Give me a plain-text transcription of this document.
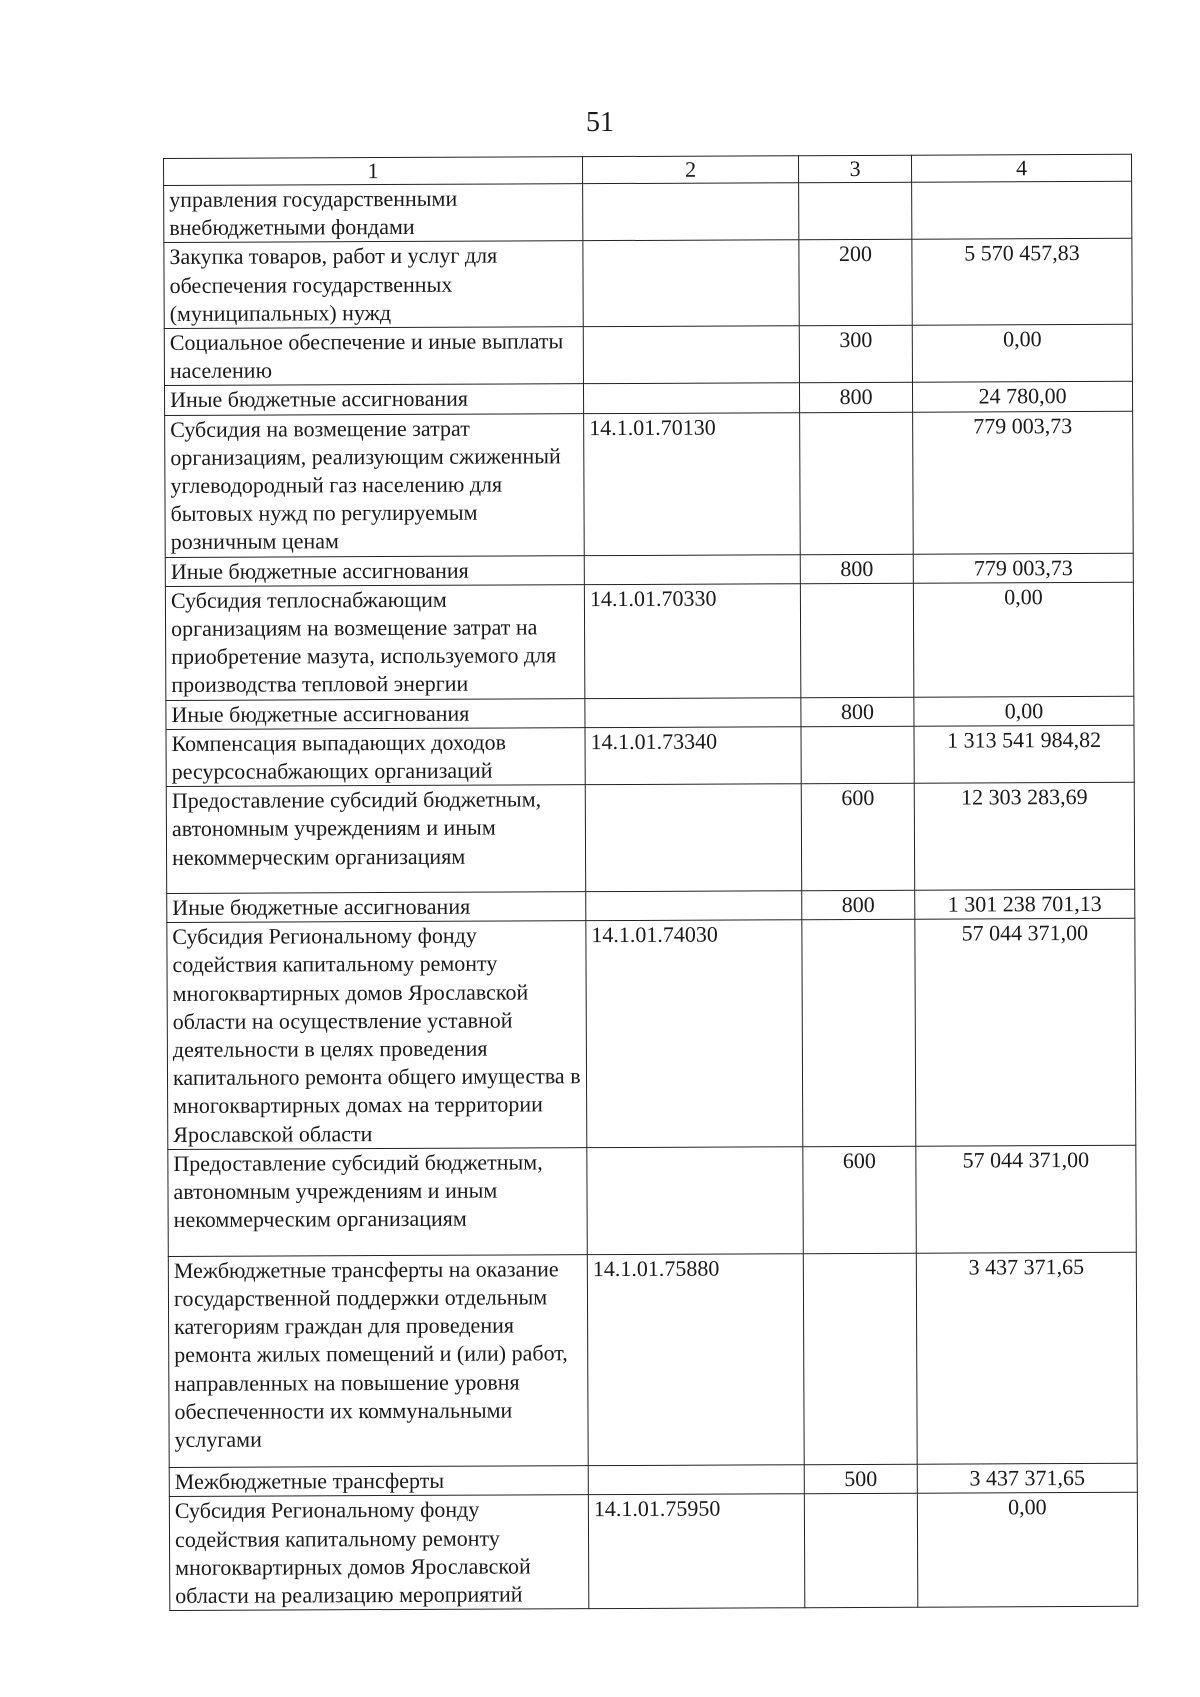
51
1	2	3	4
управления государственными внебюджетными фондами			
Закупка товаров, работ и услуг для обеспечения государственных (муниципальных) нужд		200	5 570 457,83
Социальное обеспечение и иные выплаты населению		300	0,00
Иные бюджетные ассигнования		800	24 780,00
Субсидия на возмещение затрат организациям, реализующим сжиженный углеводородный газ населению для бытовых нужд по регулируемым розничным ценам	14.1.01.70130		779 003,73
Иные бюджетные ассигнования		800	779 003,73
Субсидия теплоснабжающим организациям на возмещение затрат на приобретение мазута, используемого для производства тепловой энергии	14.1.01.70330		0,00
Иные бюджетные ассигнования		800	0,00
Компенсация выпадающих доходов ресурсоснабжающих организаций	14.1.01.73340		1 313 541 984,82
Предоставление субсидий бюджетным, автономным учреждениям и иным некоммерческим организациям		600	12 303 283,69
Иные бюджетные ассигнования		800	1 301 238 701,13
Субсидия Региональному фонду содействия капитальному ремонту многоквартирных домов Ярославской области на осуществление уставной деятельности в целях проведения капитального ремонта общего имущества в многоквартирных домах на территории Ярославской области	14.1.01.74030		57 044 371,00
Предоставление субсидий бюджетным, автономным учреждениям и иным некоммерческим организациям		600	57 044 371,00
Межбюджетные трансферты на оказание государственной поддержки отдельным категориям граждан для проведения ремонта жилых помещений и (или) работ, направленных на повышение уровня обеспеченности их коммунальными услугами	14.1.01.75880		3 437 371,65
Межбюджетные трансферты		500	3 437 371,65
Субсидия Региональному фонду содействия капитальному ремонту многоквартирных домов Ярославской области на реализацию мероприятий	14.1.01.75950		0,00
